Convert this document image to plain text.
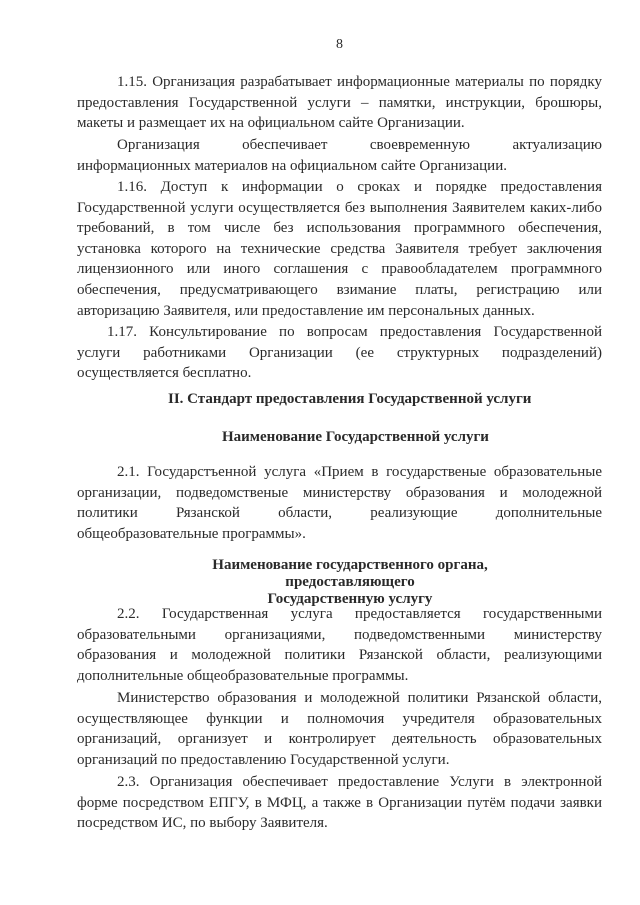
8
1.15. Организация разрабатывает информационные материалы по порядку
предоставления Государственной услуги – памятки, инструкции, брошюры,
макеты и размещает их на официальном сайте Организации.
Организация обеспечивает своевременную актуализацию
информационных материалов на официальном сайте Организации.
1.16. Доступ к информации о сроках и порядке предоставления
Государственной услуги осуществляется без выполнения Заявителем каких-либо
требований, в том числе без использования программного обеспечения,
установка которого на технические средства Заявителя требует заключения
лицензионного или иного соглашения с правообладателем программного
обеспечения, предусматривающего взимание платы, регистрацию или
авторизацию Заявителя, или предоставление им персональных данных.
1.17. Консультирование по вопросам предоставления Государственной
услуги работниками Организации (ее структурных подразделений)
осуществляется бесплатно.
II. Стандарт предоставления Государственной услуги
Наименование Государственной услуги
2.1. Государстъенной услуга «Прием в государственые образовательные
организации, подведомственые министерству образования и молодежной
политики Рязанской области, реализующие дополнительные
общеобразовательные программы».
Наименование государственного органа, предоставляющего
Государственную услугу
2.2. Государственная услуга предоставляется государственными
образовательными организациями, подведомственными министерству
образования и молодежной политики Рязанской области, реализующими
дополнительные общеобразовательные программы.
Министерство образования и молодежной политики Рязанской области,
осуществляющее функции и полномочия учредителя образовательных
организаций, организует и контролирует деятельность образовательных
организаций по предоставлению Государственной услуги.
2.3. Организация обеспечивает предоставление Услуги в электронной
форме посредством ЕПГУ, в МФЦ, а также в Организации путём подачи заявки
посредством ИС, по выбору Заявителя.
